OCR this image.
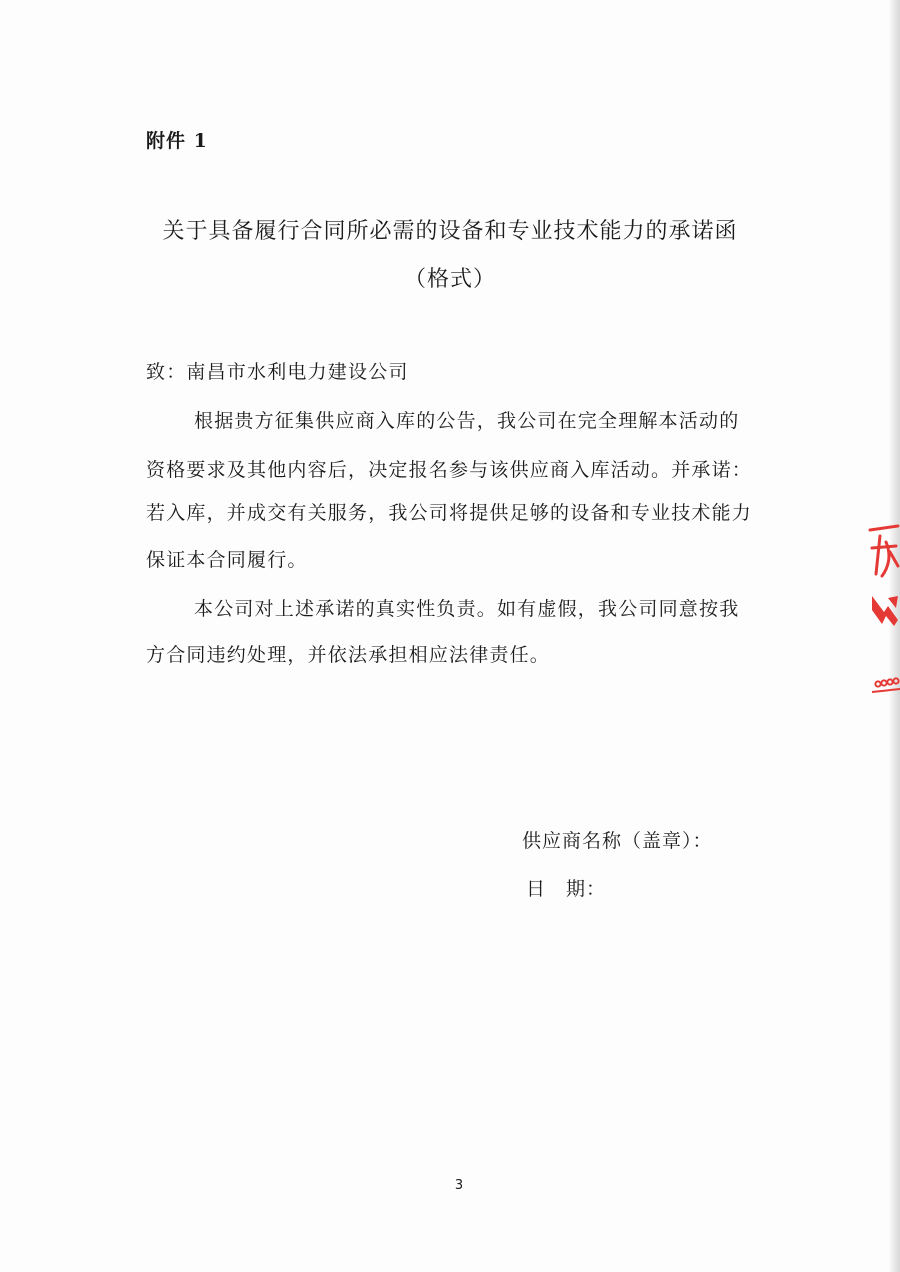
附件 1
关于具备履行合同所必需的设备和专业技术能力的承诺函
（格式）
致：南昌市水利电力建设公司
根据贵方征集供应商入库的公告，我公司在完全理解本活动的
资格要求及其他内容后，决定报名参与该供应商入库活动。并承诺：
若入库，并成交有关服务，我公司将提供足够的设备和专业技术能力
保证本合同履行。
本公司对上述承诺的真实性负责。如有虚假，我公司同意按我
方合同违约处理，并依法承担相应法律责任。
供应商名称（盖章）：
日　期：
3
